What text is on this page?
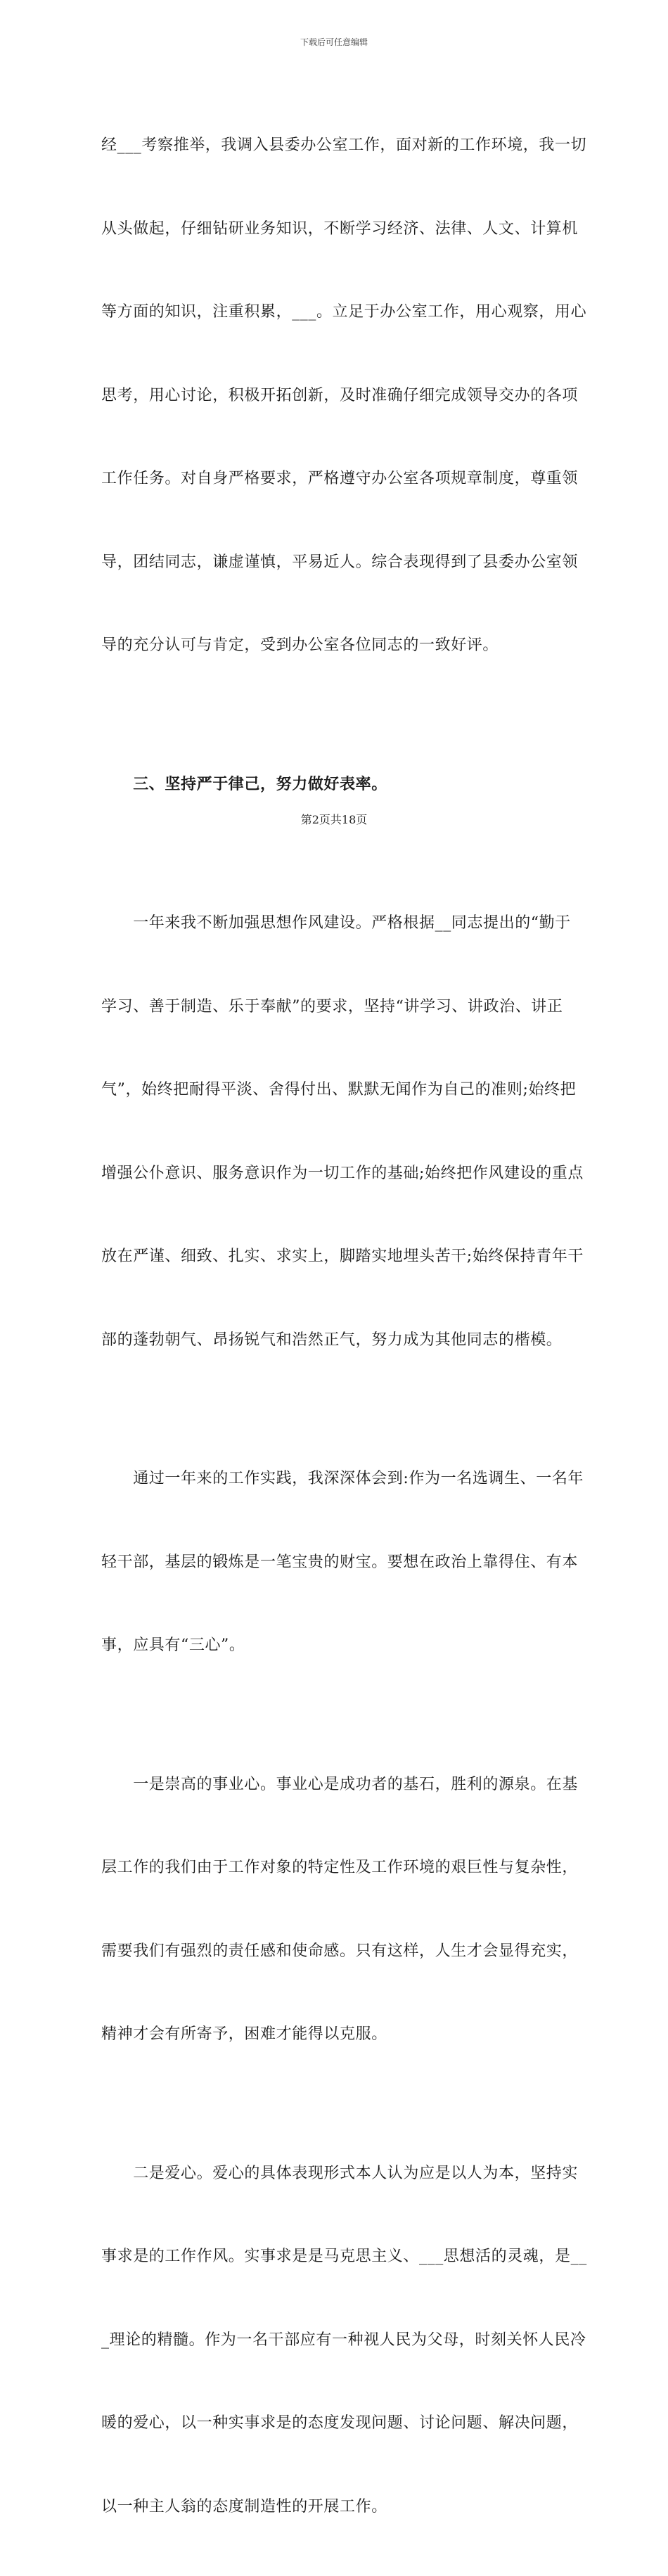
下载后可任意编辑

经___考察推举，我调入县委办公室工作，面对新的工作环境，我一切

从头做起，仔细钻研业务知识，不断学习经济、法律、人文、计算机

等方面的知识，注重积累，___。立足于办公室工作，用心观察，用心

思考，用心讨论，积极开拓创新，及时准确仔细完成领导交办的各项

工作任务。对自身严格要求，严格遵守办公室各项规章制度，尊重领

导，团结同志，谦虚谨慎，平易近人。综合表现得到了县委办公室领

导的充分认可与肯定，受到办公室各位同志的一致好评。

　　三、坚持严于律己，努力做好表率。

　　一年来我不断加强思想作风建设。严格根据__同志提出的“勤于

学习、善于制造、乐于奉献”的要求，坚持“讲学习、讲政治、讲正

气”，始终把耐得平淡、舍得付出、默默无闻作为自己的准则;始终把

增强公仆意识、服务意识作为一切工作的基础;始终把作风建设的重点

放在严谨、细致、扎实、求实上，脚踏实地埋头苦干;始终保持青年干

部的蓬勃朝气、昂扬锐气和浩然正气，努力成为其他同志的楷模。

　　通过一年来的工作实践，我深深体会到:作为一名选调生、一名年

轻干部，基层的锻炼是一笔宝贵的财宝。要想在政治上靠得住、有本

事，应具有“三心”。

　　一是崇高的事业心。事业心是成功者的基石，胜利的源泉。在基

层工作的我们由于工作对象的特定性及工作环境的艰巨性与复杂性，

需要我们有强烈的责任感和使命感。只有这样，人生才会显得充实，

精神才会有所寄予，困难才能得以克服。

　　二是爱心。爱心的具体表现形式本人认为应是以人为本，坚持实

事求是的工作作风。实事求是是马克思主义、___思想活的灵魂，是__

_理论的精髓。作为一名干部应有一种视人民为父母，时刻关怀人民冷

暖的爱心，以一种实事求是的态度发现问题、讨论问题、解决问题，

以一种主人翁的态度制造性的开展工作。

第2页共18页
